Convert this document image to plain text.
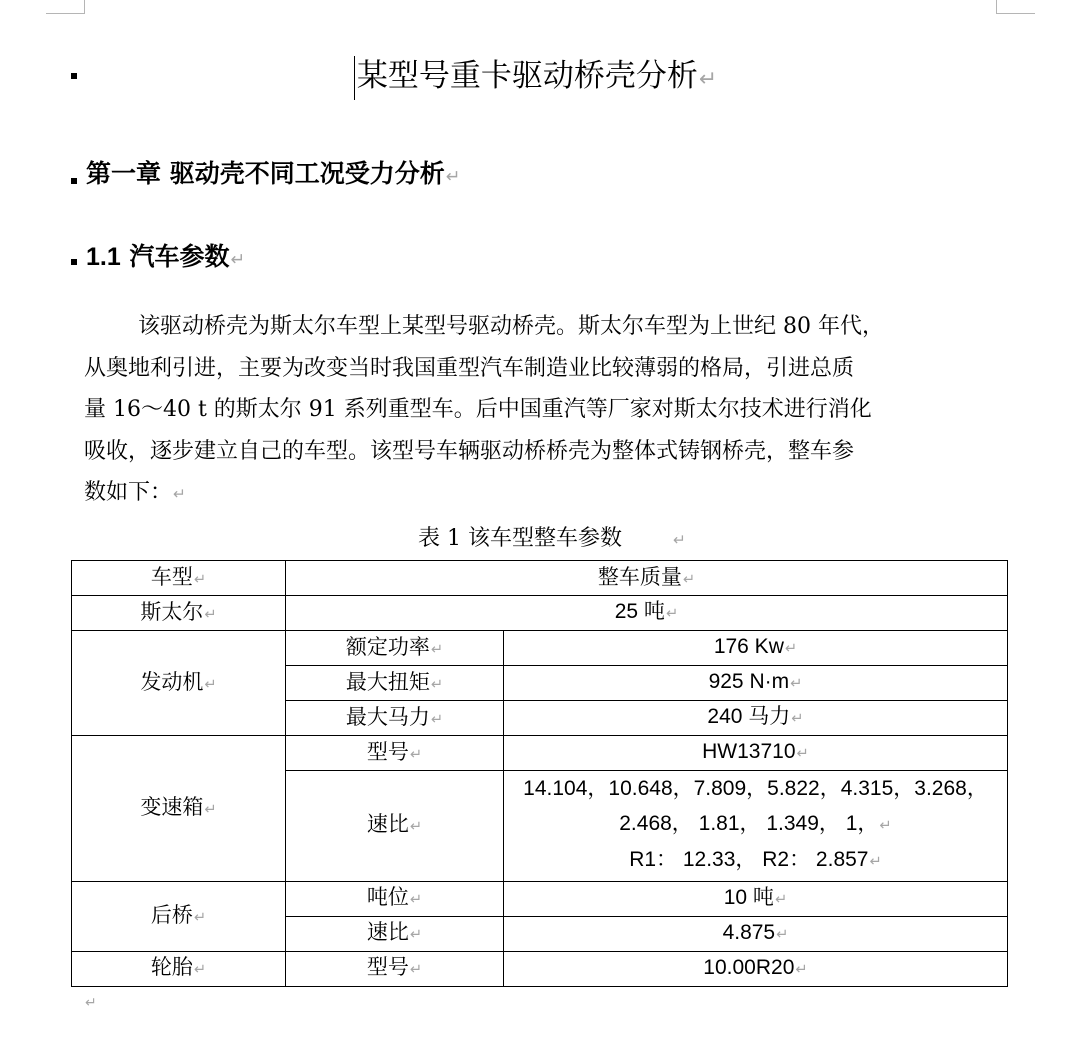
某型号重卡驱动桥壳分析↵
第一章 驱动壳不同工况受力分析↵
1.1 汽车参数↵
该驱动桥壳为斯太尔车型上某型号驱动桥壳。斯太尔车型为上世纪 80 年代，
从奥地利引进，主要为改变当时我国重型汽车制造业比较薄弱的格局，引进总质
量 16～40 t 的斯太尔 91 系列重型车。后中国重汽等厂家对斯太尔技术进行消化
吸收，逐步建立自己的车型。该型号车辆驱动桥桥壳为整体式铸钢桥壳，整车参
数如下：↵
表 1 该车型整车参数	↵
车型↵	整车质量↵	
斯太尔↵	25 吨↵	
发动机↵	额定功率↵	176 Kw↵
	最大扭矩↵	925 N·m↵
	最大马力↵	240 马力↵
变速箱↵	型号↵	HW13710↵
	速比↵	14.104，10.648，7.809，5.822，4.315，3.268，
2.468， 1.81， 1.349， 1，↵
R1： 12.33， R2： 2.857↵

后桥↵	吨位↵	10 吨↵
	速比↵	4.875↵
轮胎↵	型号↵	10.00R20↵
↵
